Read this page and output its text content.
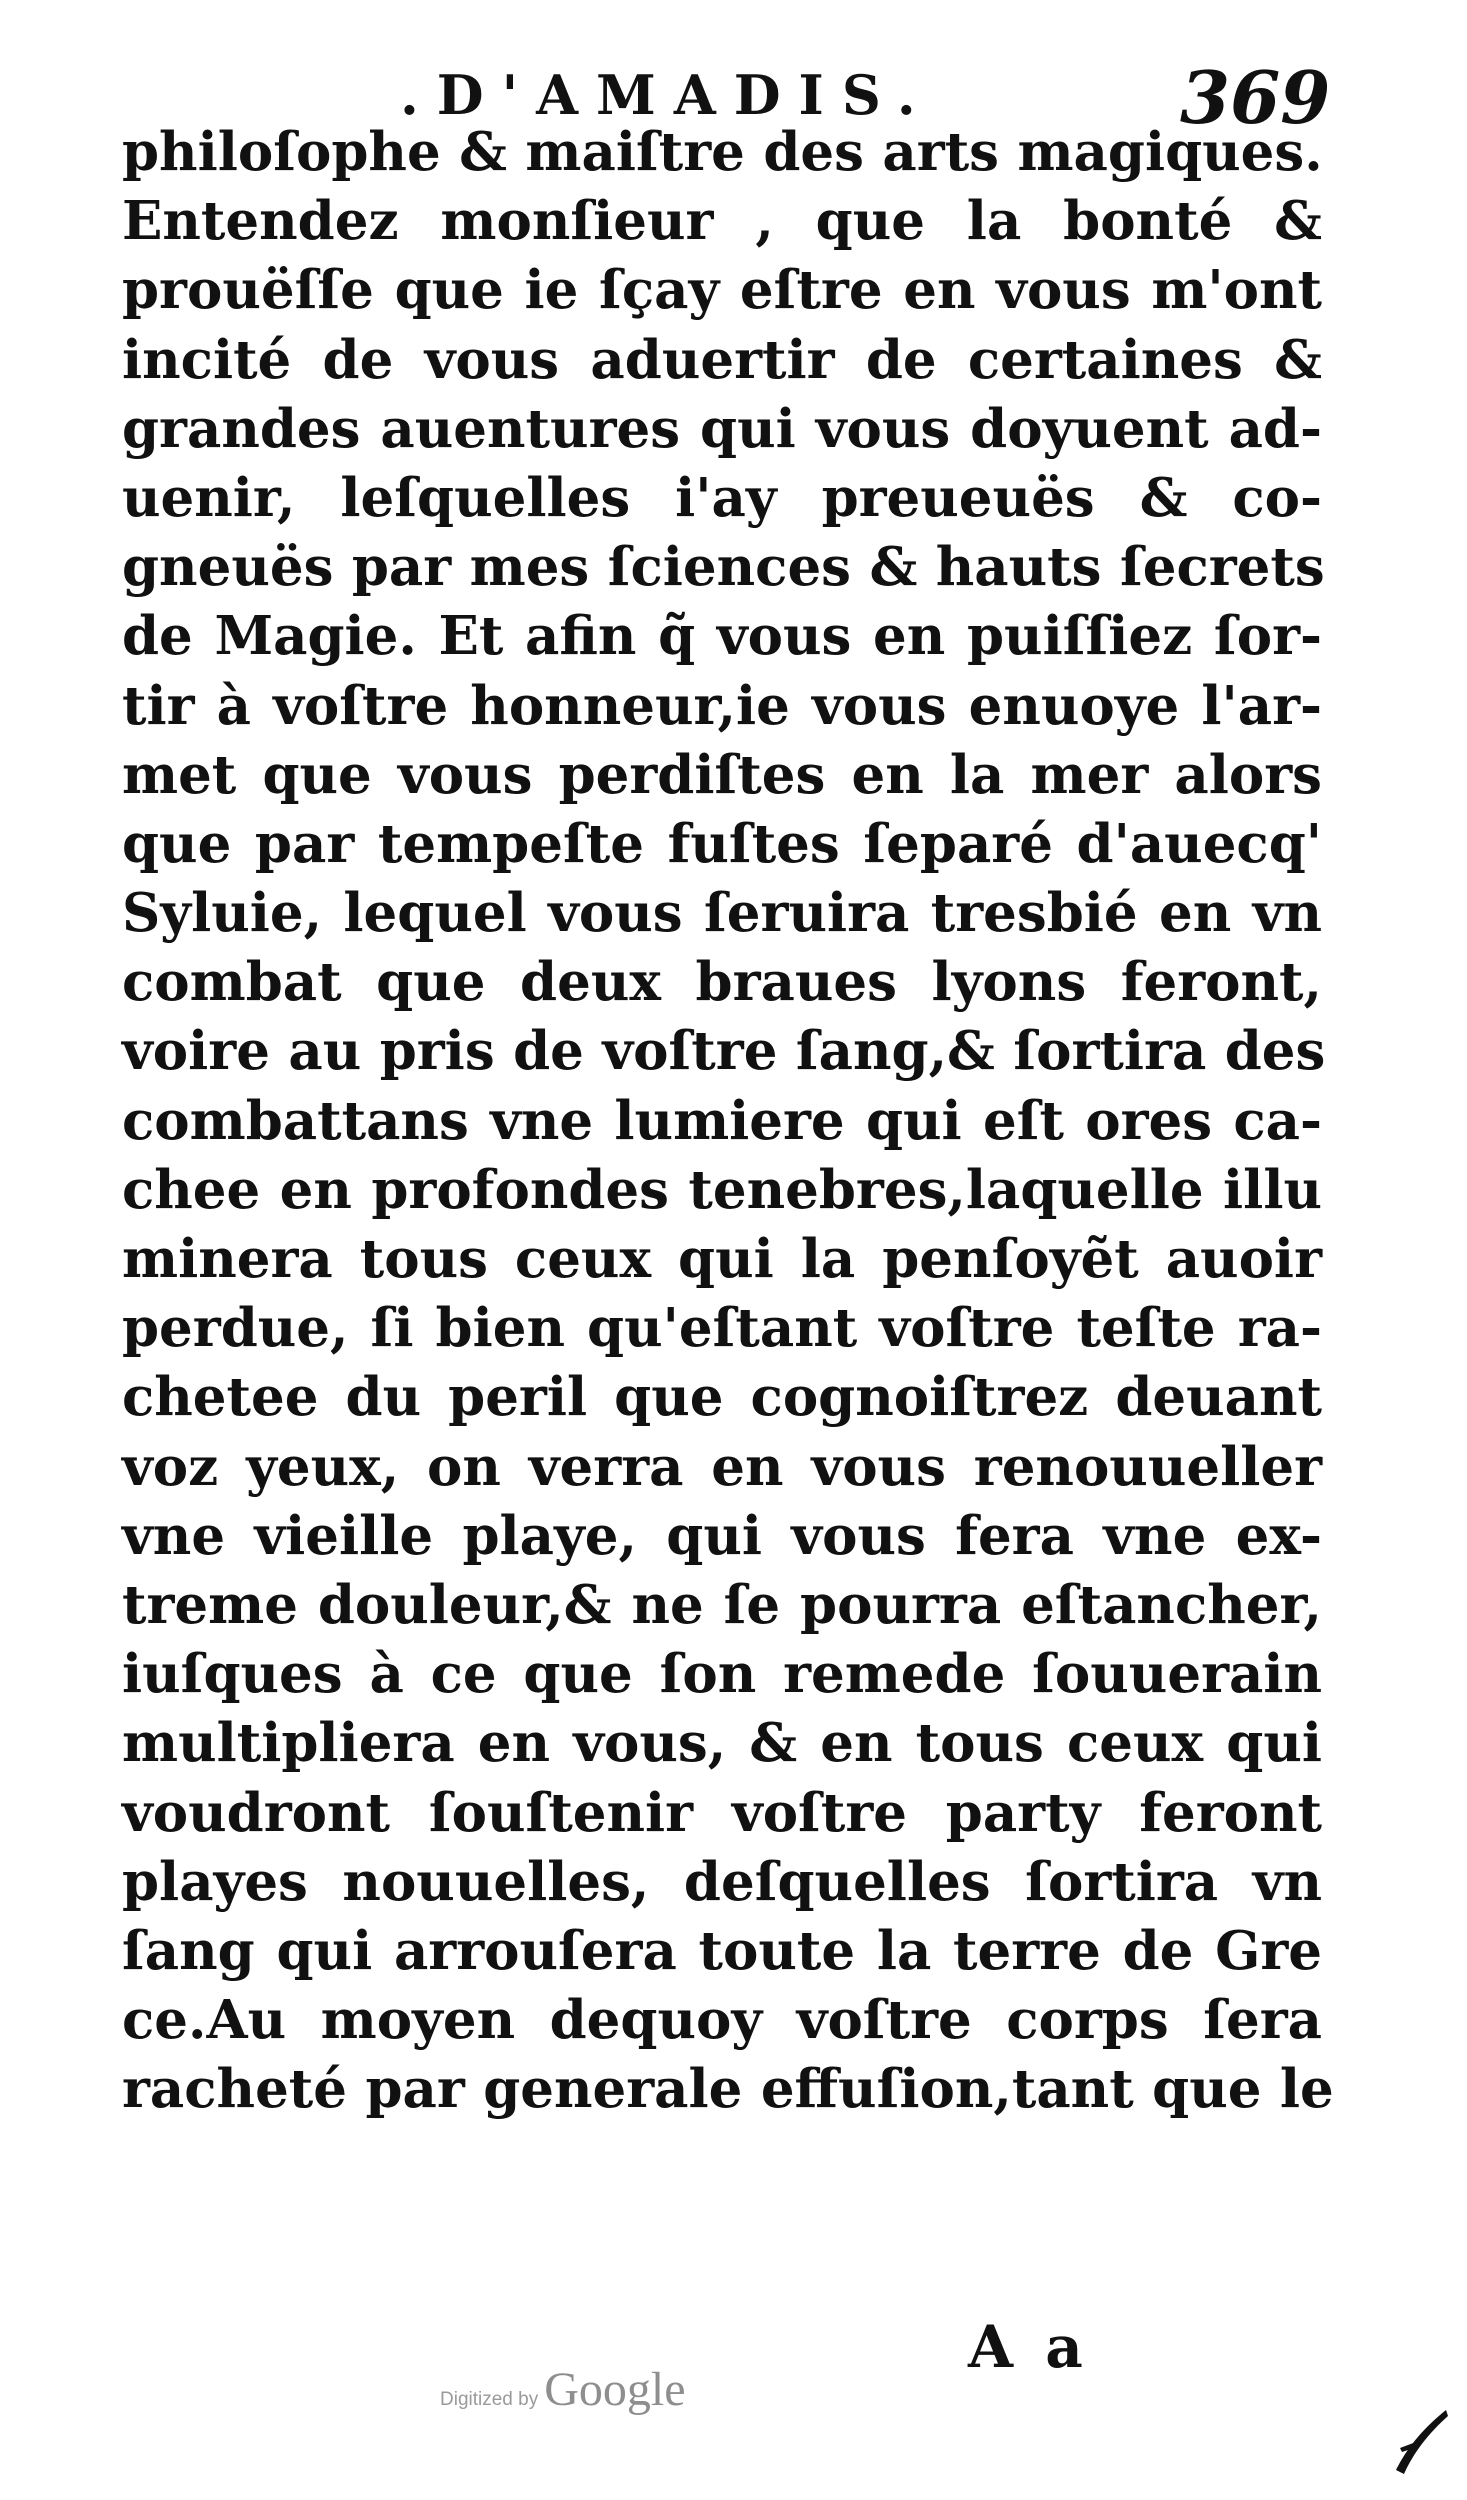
.D'AMADIS.	369
philoſophe & maiſtre des arts magiques.
Entendez monſieur , que la bonté &
prouëſſe que ie ſçay eſtre en vous m'ont
incité de vous aduertir de certaines &
grandes auentures qui vous doyuent ad-
uenir, leſquelles i'ay preueuës & co-
gneuës par mes ſciences & hauts ſecrets
de Magie. Et afin q̃ vous en puiſſiez ſor-
tir à voſtre honneur,ie vous enuoye l'ar-
met que vous perdiſtes en la mer alors
que par tempeſte fuſtes ſeparé d'auecq'
Syluie, lequel vous ſeruira tresbié en vn
combat que deux braues lyons feront,
voire au pris de voſtre ſang,& ſortira des
combattans vne lumiere qui eſt ores ca-
chee en profondes tenebres,laquelle illu
minera tous ceux qui la penſoyẽt auoir
perdue, ſi bien qu'eſtant voſtre teſte ra-
chetee du peril que cognoiſtrez deuant
voz yeux, on verra en vous renouueller
vne vieille playe, qui vous fera vne ex-
treme douleur,& ne ſe pourra eſtancher,
iuſques à ce que ſon remede ſouuerain
multipliera en vous, & en tous ceux qui
voudront ſouſtenir voſtre party feront
playes nouuelles, deſquelles ſortira vn
ſang qui arrouſera toute la terre de Gre
ce.Au moyen dequoy voſtre corps ſera
racheté par generale effuſion,tant que le
A a
Digitized by Google
